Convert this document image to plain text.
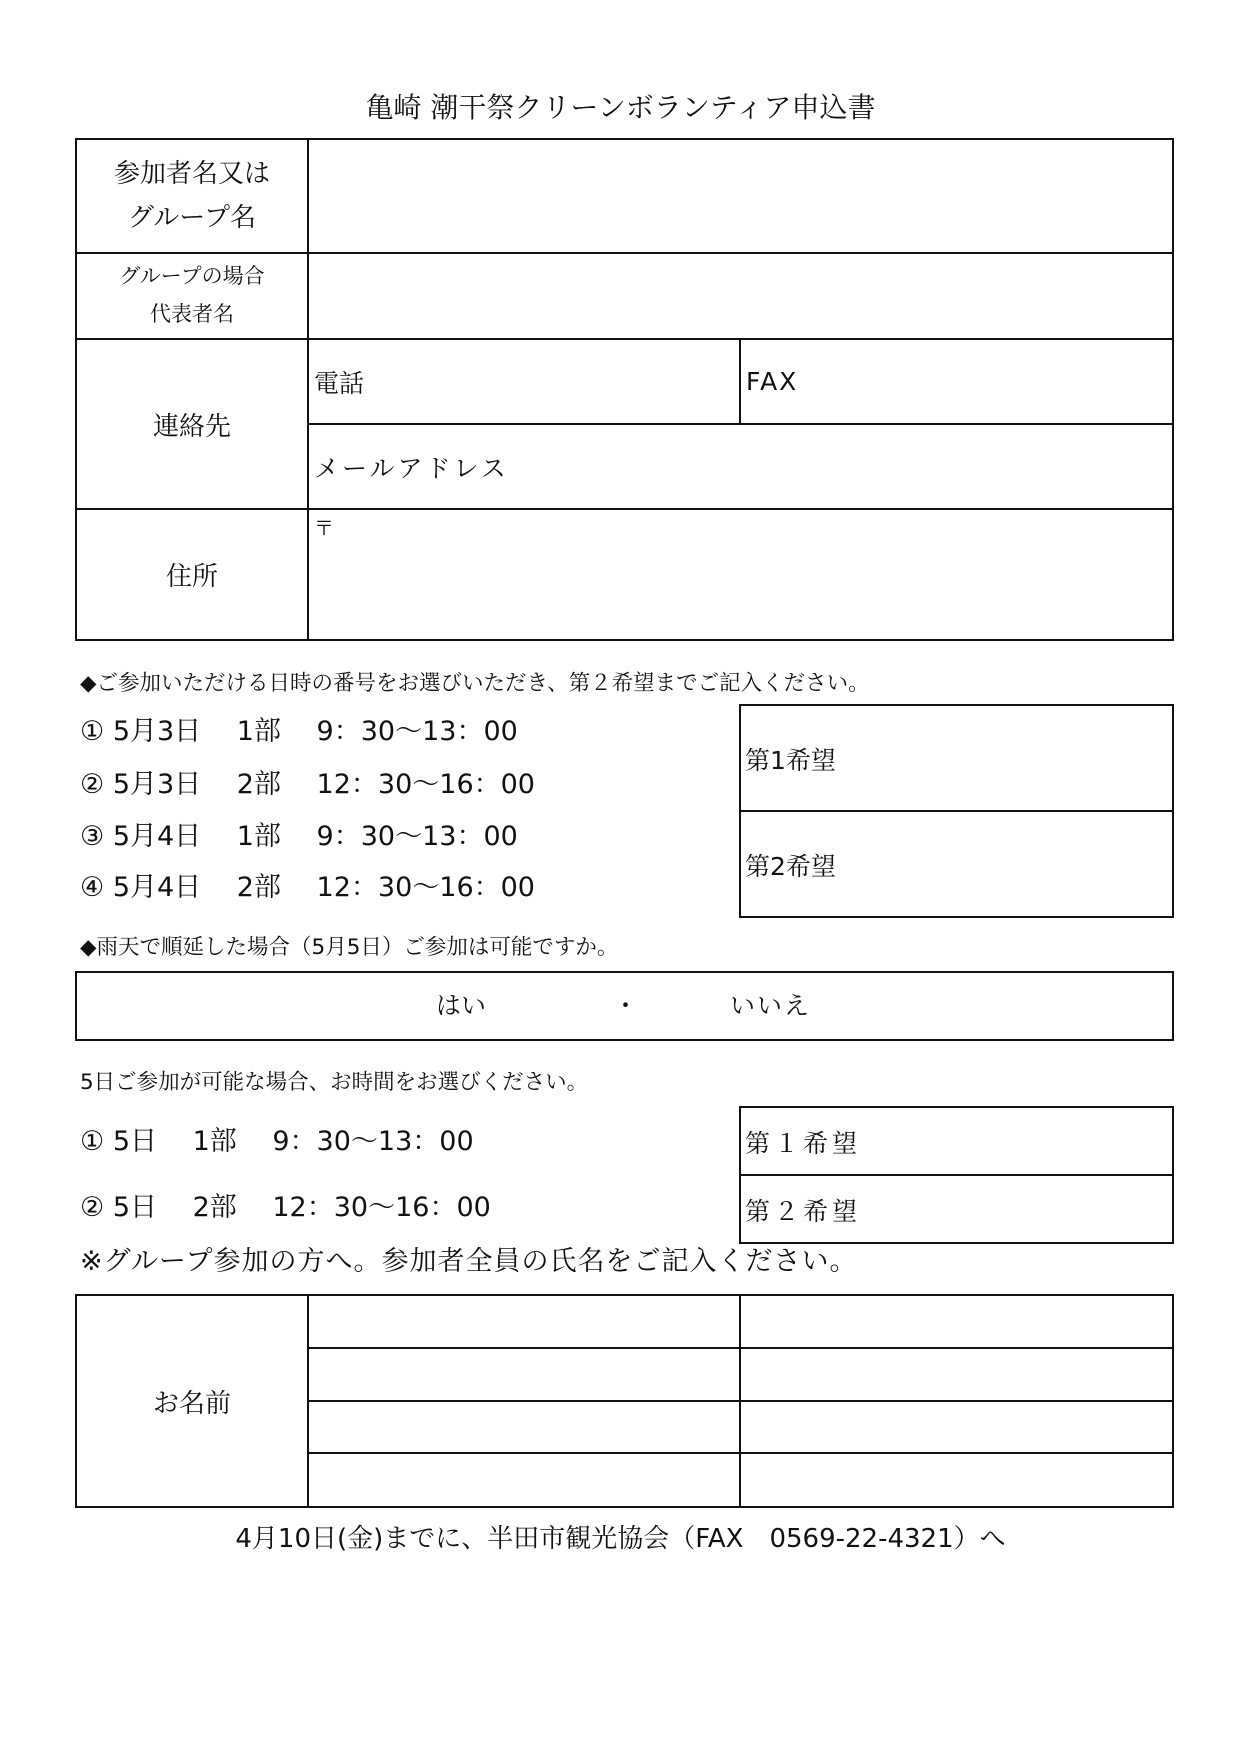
亀崎 潮干祭クリーンボランティア申込書
参加者名又は
グループ名
グループの場合
代表者名
連絡先
電話	FAX
メールアドレス
住所
〒
◆ご参加いただける日時の番号をお選びいただき、第２希望までご記入ください。
① 5月3日　 1部　 9：30〜13：00
② 5月3日　 2部　 12：30〜16：00
③ 5月4日　 1部　 9：30〜13：00
④ 5月4日　 2部　 12：30〜16：00
第1希望
第2希望
◆雨天で順延した場合（5月5日）ご参加は可能ですか。
はい	・	いいえ
5日ご参加が可能な場合、お時間をお選びください。
① 5日　 1部　 9：30〜13：00
② 5日　 2部　 12：30〜16：00
第１希望
第２希望
※グループ参加の方へ。参加者全員の氏名をご記入ください。
お名前
4月10日(金)までに、半田市観光協会（FAX　0569-22-4321）へ
